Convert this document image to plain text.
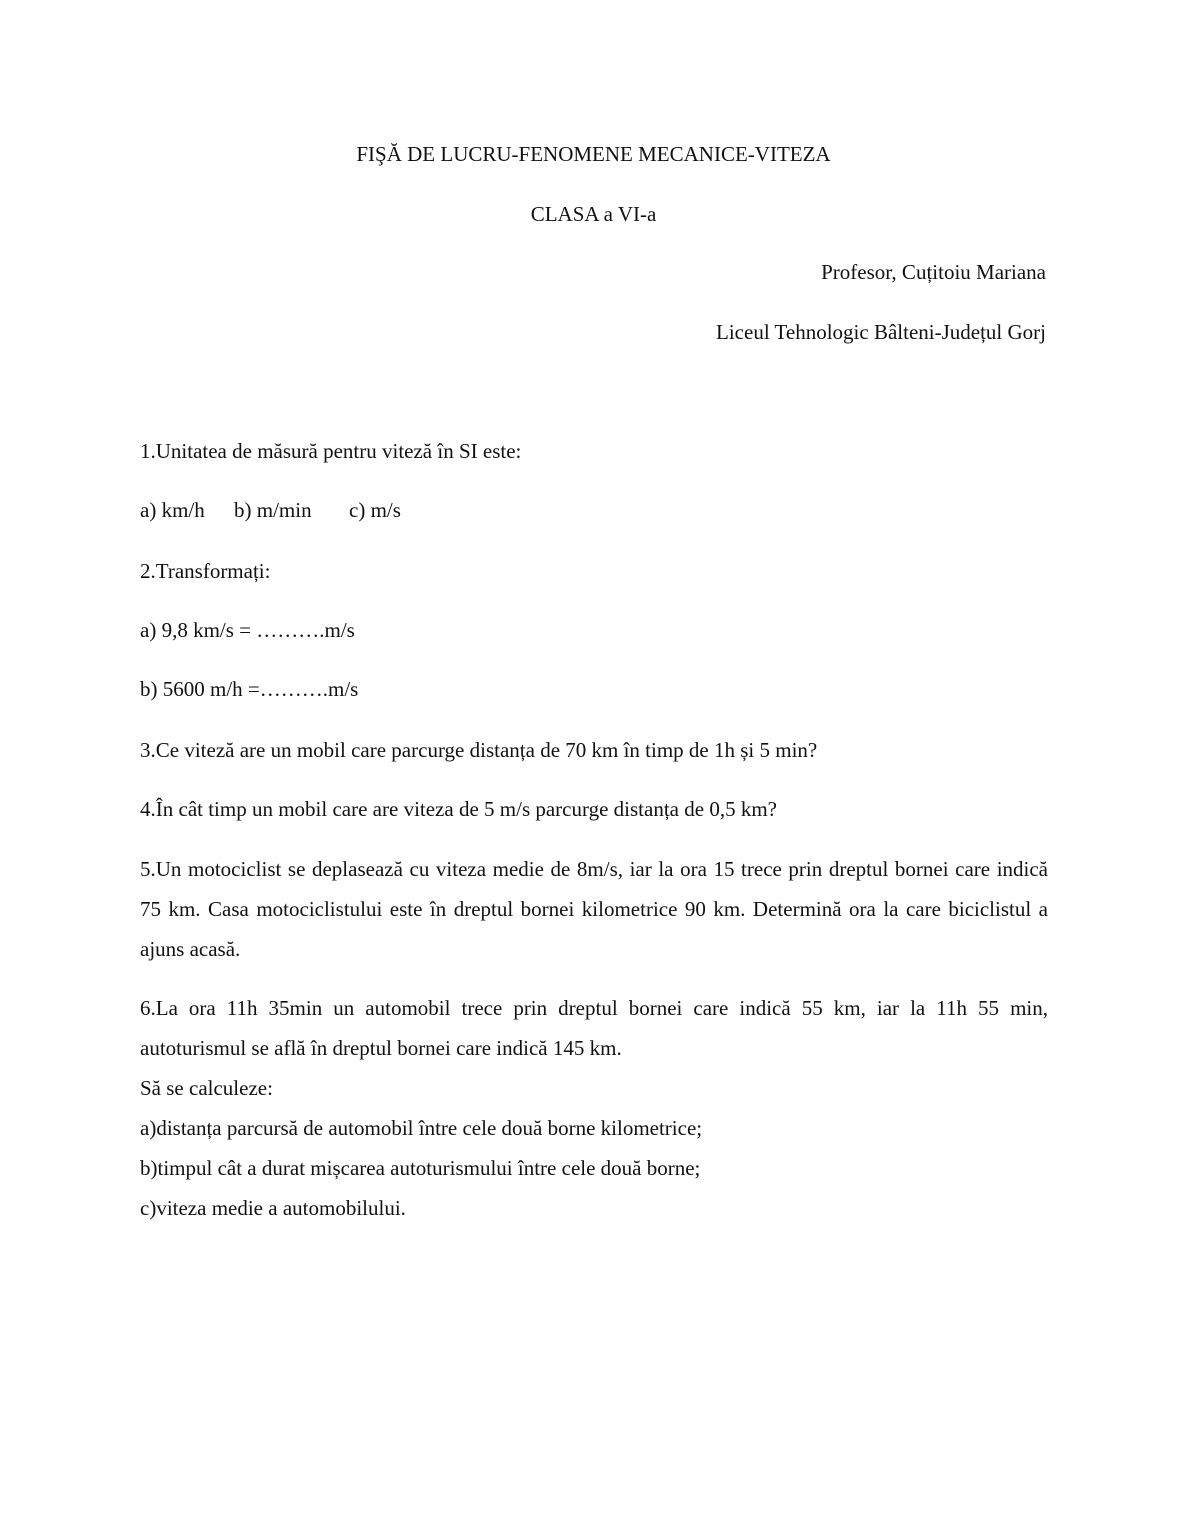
FIŞĂ DE LUCRU-FENOMENE MECANICE-VITEZA
CLASA a VI-a
Profesor, Cuțitoiu Mariana
Liceul Tehnologic Bâlteni-Județul Gorj
1.Unitatea de măsură pentru viteză în SI este:
a) km/h b) m/min c) m/s
2.Transformați:
a) 9,8 km/s = ……….m/s
b) 5600 m/h =……….m/s
3.Ce viteză are un mobil care parcurge distanța de 70 km în timp de 1h și 5 min?
4.În cât timp un mobil care are viteza de 5 m/s parcurge distanța de 0,5 km?
5.Un motociclist se deplasează cu viteza medie de 8m/s, iar la ora 15 trece prin dreptul bornei care indică 75 km. Casa motociclistului este în dreptul bornei kilometrice 90 km. Determină ora la care biciclistul a ajuns acasă.
6.La ora 11h 35min un automobil trece prin dreptul bornei care indică 55 km, iar la 11h 55 min, autoturismul se află în dreptul bornei care indică 145 km.
Să se calculeze:
a)distanța parcursă de automobil între cele două borne kilometrice;
b)timpul cât a durat mișcarea autoturismului între cele două borne;
c)viteza medie a automobilului.
